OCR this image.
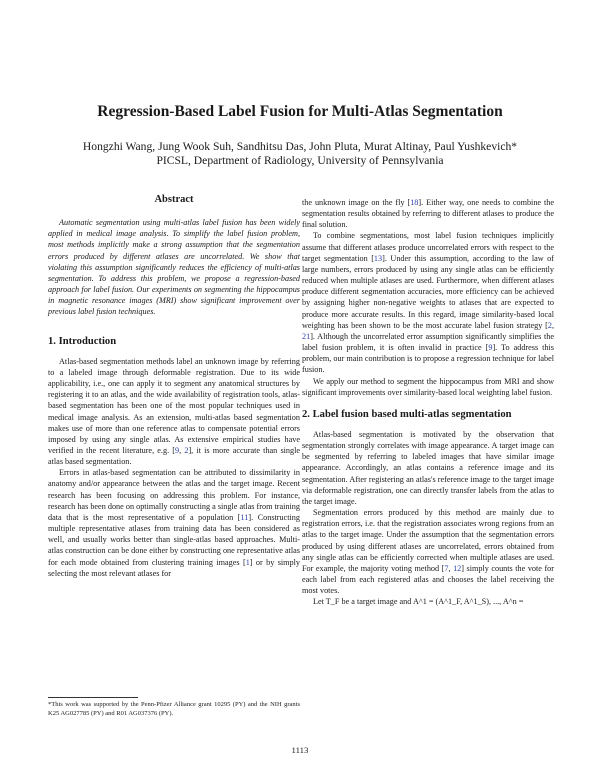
Regression-Based Label Fusion for Multi-Atlas Segmentation
Hongzhi Wang, Jung Wook Suh, Sandhitsu Das, John Pluta, Murat Altinay, Paul Yushkevich*
PICSL, Department of Radiology, University of Pennsylvania
Abstract

Automatic segmentation using multi-atlas label fusion has been widely applied in medical image analysis. To simplify the label fusion problem, most methods implicitly make a strong assumption that the segmentation errors produced by different atlases are uncorrelated. We show that violating this assumption significantly reduces the efficiency of multi-atlas segmentation. To address this problem, we propose a regression-based approach for label fusion. Our experiments on segmenting the hippocampus in magnetic resonance images (MRI) show significant improvement over previous label fusion techniques.

1. Introduction

Atlas-based segmentation methods label an unknown image by referring to a labeled image through deformable registration. Due to its wide applicability, i.e., one can apply it to segment any anatomical structures by registering it to an atlas, and the wide availability of registration tools, atlas-based segmentation has been one of the most popular techniques used in medical image analysis. As an extension, multi-atlas based segmentation makes use of more than one reference atlas to compensate potential errors imposed by using any single atlas. As extensive empirical studies have verified in the recent literature, e.g. [9, 2], it is more accurate than single atlas based segmentation.

Errors in atlas-based segmentation can be attributed to dissimilarity in anatomy and/or appearance between the atlas and the target image. Recent research has been focusing on addressing this problem. For instance, research has been done on optimally constructing a single atlas from training data that is the most representative of a population [11]. Constructing multiple representative atlases from training data has been considered as well, and usually works better than single-atlas based approaches. Multi-atlas construction can be done either by constructing one representative atlas for each mode obtained from clustering training images [1] or by simply selecting the most relevant atlases for

*This work was supported by the Penn-Pfizer Alliance grant 10295 (PY) and the NIH grants K25 AG027785 (PY) and R01 AG037376 (PY).

the unknown image on the fly [18]. Either way, one needs to combine the segmentation results obtained by referring to different atlases to produce the final solution.

To combine segmentations, most label fusion techniques implicitly assume that different atlases produce uncorrelated errors with respect to the target segmentation [13]. Under this assumption, according to the law of large numbers, errors produced by using any single atlas can be efficiently reduced when multiple atlases are used. Furthermore, when different atlases produce different segmentation accuracies, more efficiency can be achieved by assigning higher non-negative weights to atlases that are expected to produce more accurate results. In this regard, image similarity-based local weighting has been shown to be the most accurate label fusion strategy [2, 21]. Although the uncorrelated error assumption significantly simplifies the label fusion problem, it is often invalid in practice [9]. To address this problem, our main contribution is to propose a regression technique for label fusion.

We apply our method to segment the hippocampus from MRI and show significant improvements over similarity-based local weighting label fusion.

2. Label fusion based multi-atlas segmentation

Atlas-based segmentation is motivated by the observation that segmentation strongly correlates with image appearance. A target image can be segmented by referring to labeled images that have similar image appearance. Accordingly, an atlas contains a reference image and its segmentation. After registering an atlas's reference image to the target image via deformable registration, one can directly transfer labels from the atlas to the target image.

Segmentation errors produced by this method are mainly due to registration errors, i.e. that the registration associates wrong regions from an atlas to the target image. Under the assumption that the segmentation errors produced by using different atlases are uncorrelated, errors obtained from any single atlas can be efficiently corrected when multiple atlases are used. For example, the majority voting method [7, 12] simply counts the vote for each label from each registered atlas and chooses the label receiving the most votes.

Let T_F be a target image and A^1 = (A^1_F, A^1_S), ..., A^n =

1113
